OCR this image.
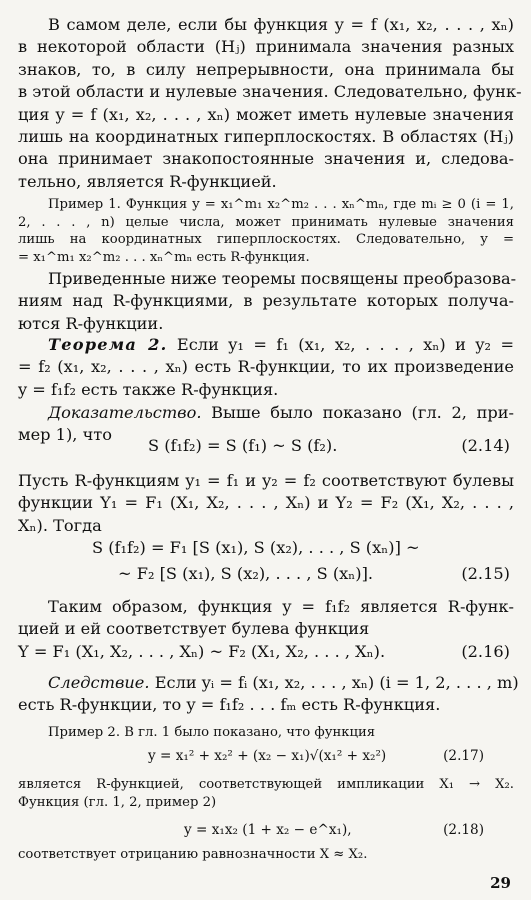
В самом деле, если бы функция y = f (x₁, x₂, . . . , xₙ)
в некоторой области (Hⱼ) принимала значения разных
знаков, то, в силу непрерывности, она принимала бы
в этой области и нулевые значения. Следовательно, функ-
ция y = f (x₁, x₂, . . . , xₙ) может иметь нулевые значения
лишь на координатных гиперплоскостях. В областях (Hⱼ)
она принимает знакопостоянные значения и, следова-
тельно, является R-функцией.
Пример 1. Функция y = x₁^m₁ x₂^m₂ . . . xₙ^mₙ, где mᵢ ≥ 0 (i = 1,
2, . . . , n) целые числа, может принимать нулевые значения
лишь на координатных гиперплоскостях. Следовательно, y =
= x₁^m₁ x₂^m₂ . . . xₙ^mₙ есть R-функция.
Приведенные ниже теоремы посвящены преобразова-
ниям над R-функциями, в результате которых получа-
ются R-функции.
Теорема 2. Если y₁ = f₁ (x₁, x₂, . . . , xₙ) и y₂ =
= f₂ (x₁, x₂, . . . , xₙ) есть R-функции, то их произведение
y = f₁f₂ есть также R-функция.
Доказательство. Выше было показано (гл. 2, при-
мер 1), что
S (f₁f₂) = S (f₁) ~ S (f₂).	(2.14)
Пусть R-функциям y₁ = f₁ и y₂ = f₂ соответствуют булевы
функции Y₁ = F₁ (X₁, X₂, . . . , Xₙ) и Y₂ = F₂ (X₁, X₂, . . . ,
Xₙ). Тогда
S (f₁f₂) = F₁ [S (x₁), S (x₂), . . . , S (xₙ)] ~
~ F₂ [S (x₁), S (x₂), . . . , S (xₙ)].	(2.15)
Таким образом, функция y = f₁f₂ является R-функ-
цией и ей соответствует булева функция
Y = F₁ (X₁, X₂, . . . , Xₙ) ~ F₂ (X₁, X₂, . . . , Xₙ).	(2.16)
Следствие. Если yᵢ = fᵢ (x₁, x₂, . . . , xₙ) (i = 1, 2, . . . , m)
есть R-функции, то y = f₁f₂ . . . fₘ есть R-функция.
Пример 2. В гл. 1 было показано, что функция
y = x₁² + x₂² + (x₂ − x₁)√(x₁² + x₂²)	(2.17)
является R-функцией, соответствующей импликации X₁ → X₂.
Функция (гл. 1, 2, пример 2)
y = x₁x₂ (1 + x₂ − e^x₁),	(2.18)
соответствует отрицанию равнозначности X ≈ X₂.
29
